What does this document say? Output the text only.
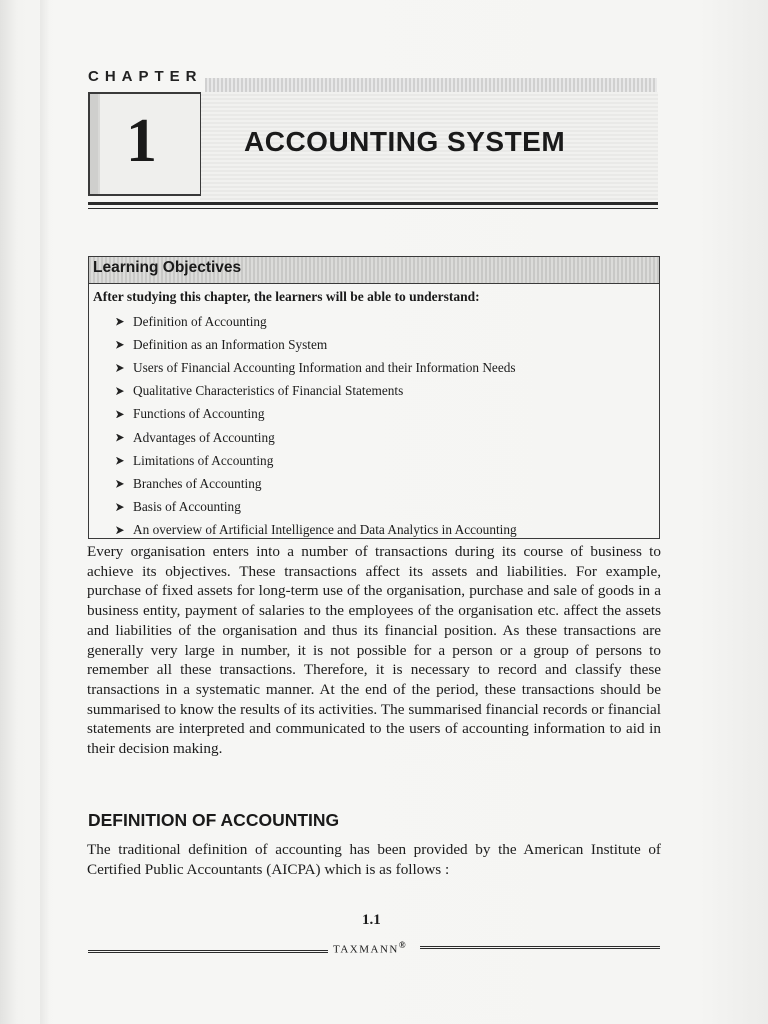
CHAPTER
1	ACCOUNTING SYSTEM
Learning Objectives
After studying this chapter, the learners will be able to understand:
Definition of Accounting
Definition as an Information System
Users of Financial Accounting Information and their Information Needs
Qualitative Characteristics of Financial Statements
Functions of Accounting
Advantages of Accounting
Limitations of Accounting
Branches of Accounting
Basis of Accounting
An overview of Artificial Intelligence and Data Analytics in Accounting

Every organisation enters into a number of transactions during its course of business to achieve its objectives. These transactions affect its assets and liabilities. For example, purchase of fixed assets for long-term use of the organisation, purchase and sale of goods in a business entity, payment of salaries to the employees of the organisation etc. affect the assets and liabilities of the organisation and thus its financial position. As these transactions are generally very large in number, it is not possible for a person or a group of persons to remember all these transactions. Therefore, it is necessary to record and classify these transactions in a systematic manner. At the end of the period, these transactions should be summarised to know the results of its activities. The summarised financial records or financial statements are interpreted and communicated to the users of accounting information to aid in their decision making.

DEFINITION OF ACCOUNTING

The traditional definition of accounting has been provided by the American Institute of Certified Public Accountants (AICPA) which is as follows :

1.1
TAXMANN®
